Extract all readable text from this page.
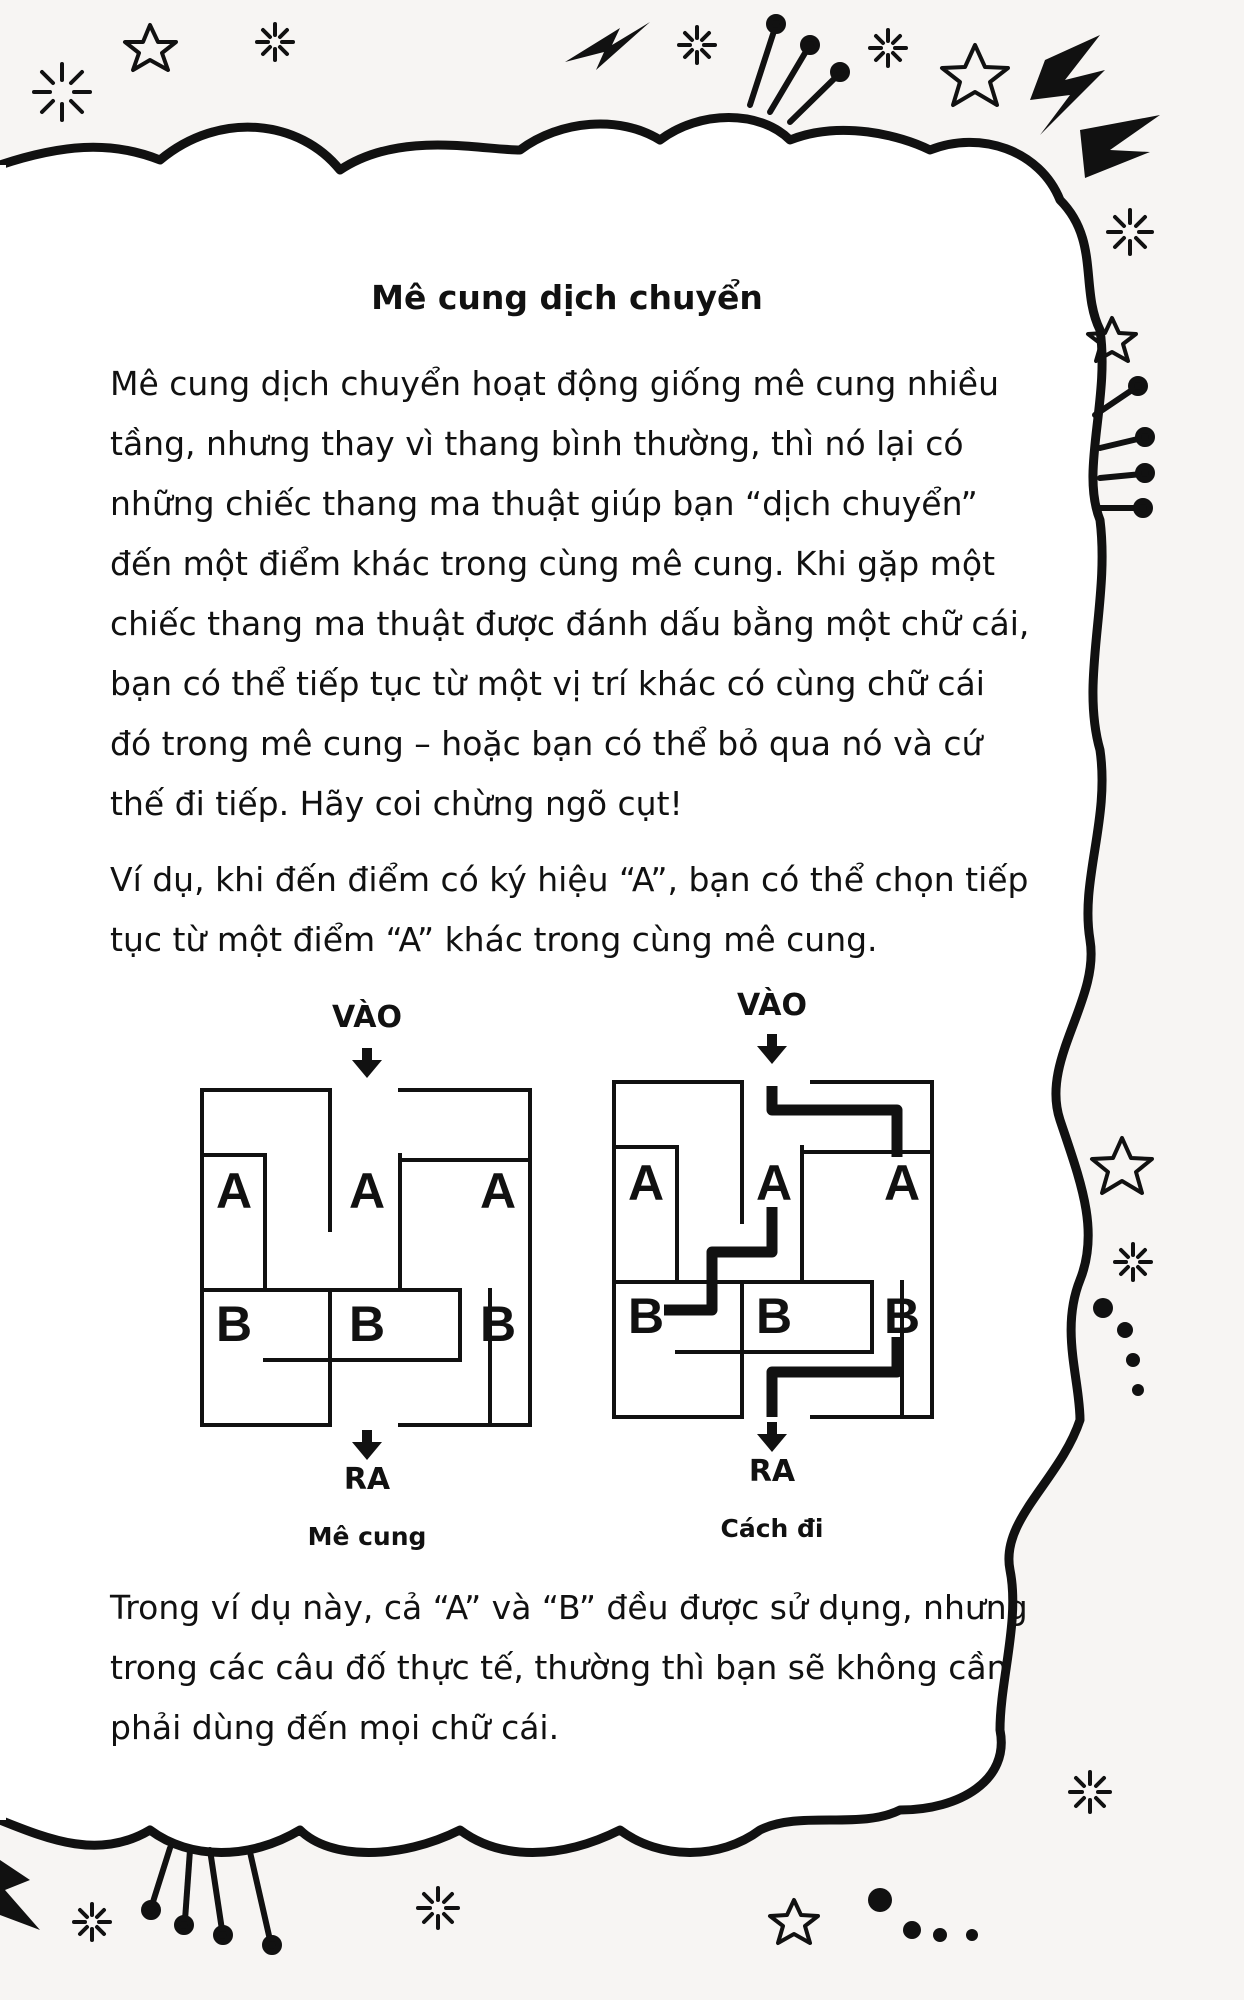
Mê cung dịch chuyển
Mê cung dịch chuyển hoạt động giống mê cung nhiều tầng, nhưng thay vì thang bình thường, thì nó lại có những chiếc thang ma thuật giúp bạn “dịch chuyển” đến một điểm khác trong cùng mê cung. Khi gặp một chiếc thang ma thuật được đánh dấu bằng một chữ cái, bạn có thể tiếp tục từ một vị trí khác có cùng chữ cái đó trong mê cung – hoặc bạn có thể bỏ qua nó và cứ thế đi tiếp. Hãy coi chừng ngõ cụt!
Ví dụ, khi đến điểm có ký hiệu “A”, bạn có thể chọn tiếp tục từ một điểm “A” khác trong cùng mê cung.
VÀO
RA
Mê cung
A A A
B B B
VÀO
RA
Cách đi
A A A
B B B
Trong ví dụ này, cả “A” và “B” đều được sử dụng, nhưng trong các câu đố thực tế, thường thì bạn sẽ không cần phải dùng đến mọi chữ cái.
